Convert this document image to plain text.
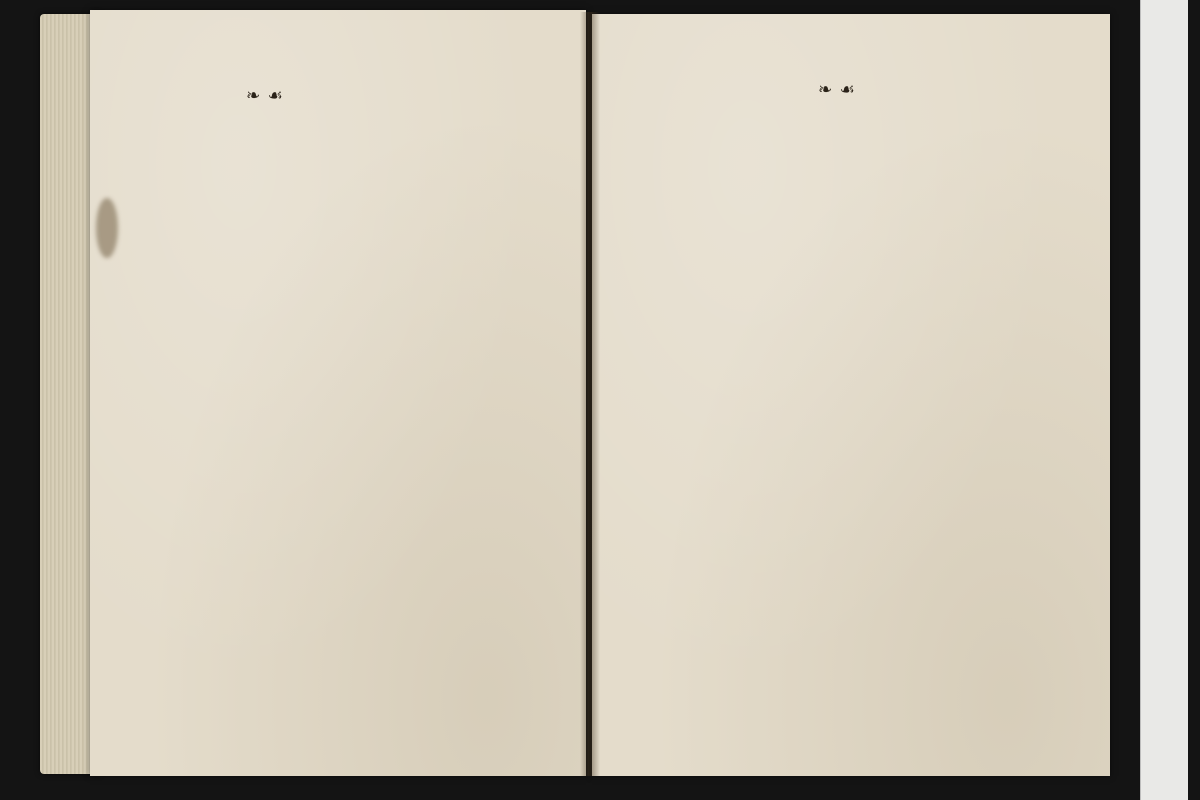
❧ ☙	❧ ☙
